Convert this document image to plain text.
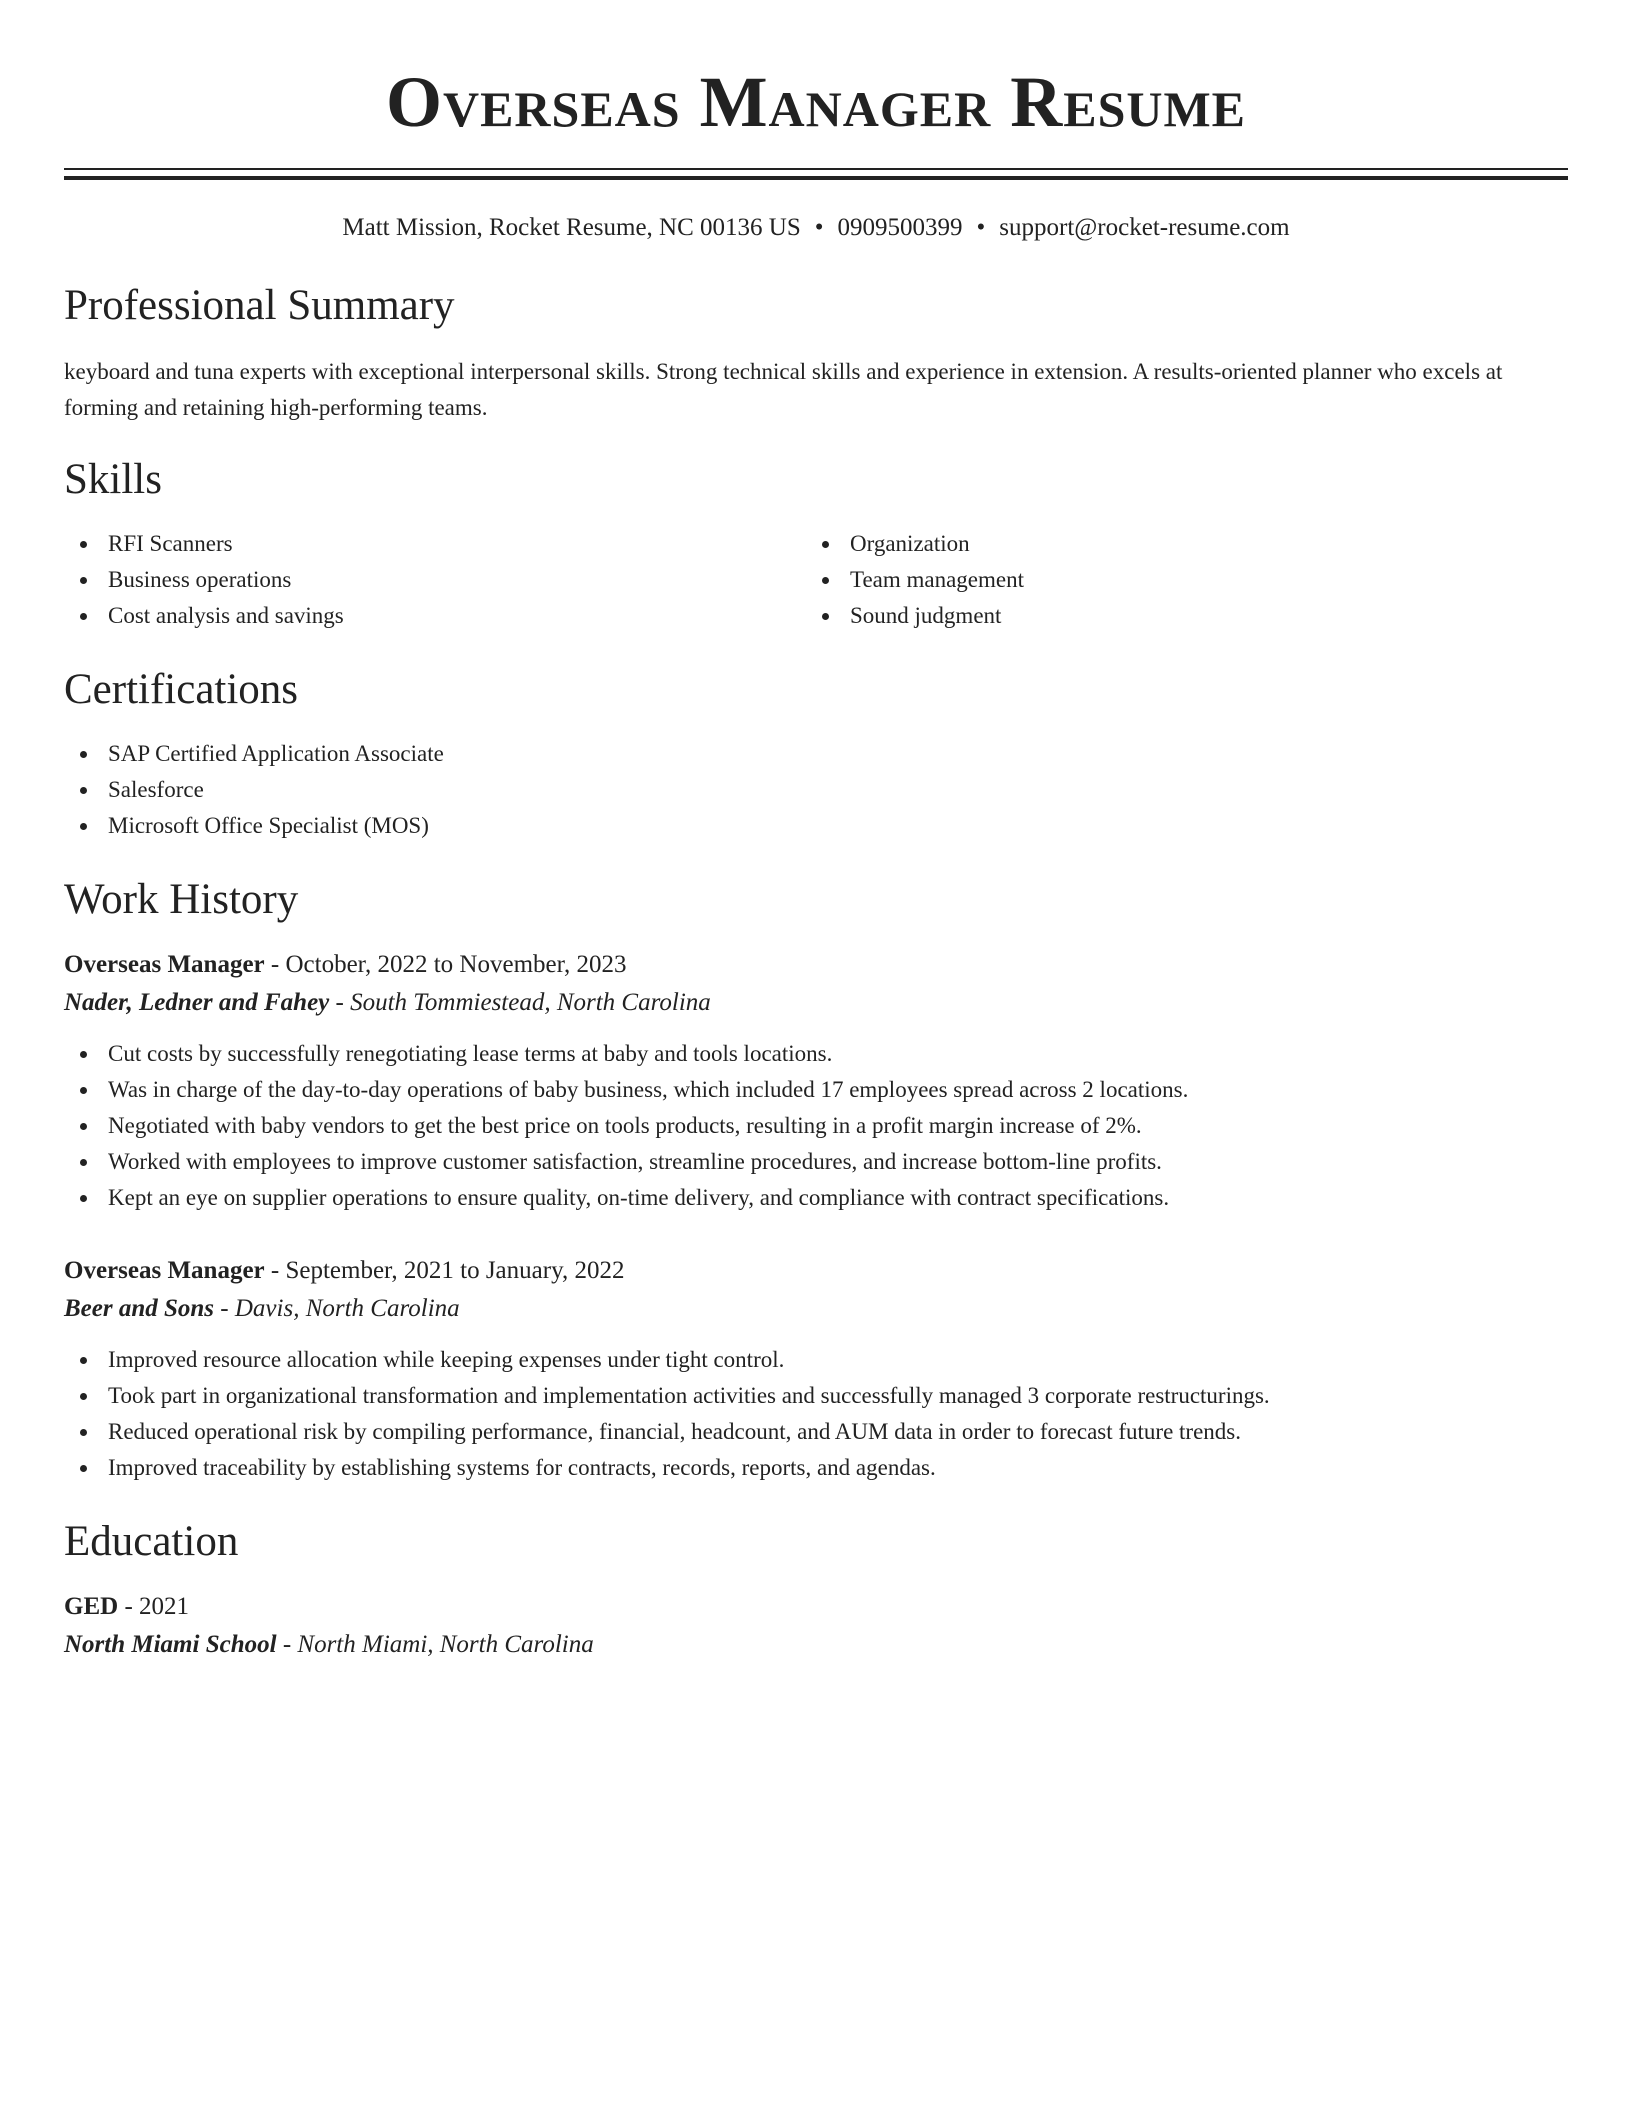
Overseas Manager Resume
Matt Mission, Rocket Resume, NC 00136 US • 0909500399 • support@rocket-resume.com
Professional Summary

keyboard and tuna experts with exceptional interpersonal skills. Strong technical skills and experience in extension. A results-oriented planner who excels at forming and retaining high-performing teams.

Skills
RFI Scanners
Business operations
Cost analysis and savings
Organization
Team management
Sound judgment
Certifications
SAP Certified Application Associate
Salesforce
Microsoft Office Specialist (MOS)
Work History
Overseas Manager - October, 2022 to November, 2023
Nader, Ledner and Fahey - South Tommiestead, North Carolina
Cut costs by successfully renegotiating lease terms at baby and tools locations.
Was in charge of the day-to-day operations of baby business, which included 17 employees spread across 2 locations.
Negotiated with baby vendors to get the best price on tools products, resulting in a profit margin increase of 2%.
Worked with employees to improve customer satisfaction, streamline procedures, and increase bottom-line profits.
Kept an eye on supplier operations to ensure quality, on-time delivery, and compliance with contract specifications.
Overseas Manager - September, 2021 to January, 2022
Beer and Sons - Davis, North Carolina
Improved resource allocation while keeping expenses under tight control.
Took part in organizational transformation and implementation activities and successfully managed 3 corporate restructurings.
Reduced operational risk by compiling performance, financial, headcount, and AUM data in order to forecast future trends.
Improved traceability by establishing systems for contracts, records, reports, and agendas.
Education
GED - 2021
North Miami School - North Miami, North Carolina
